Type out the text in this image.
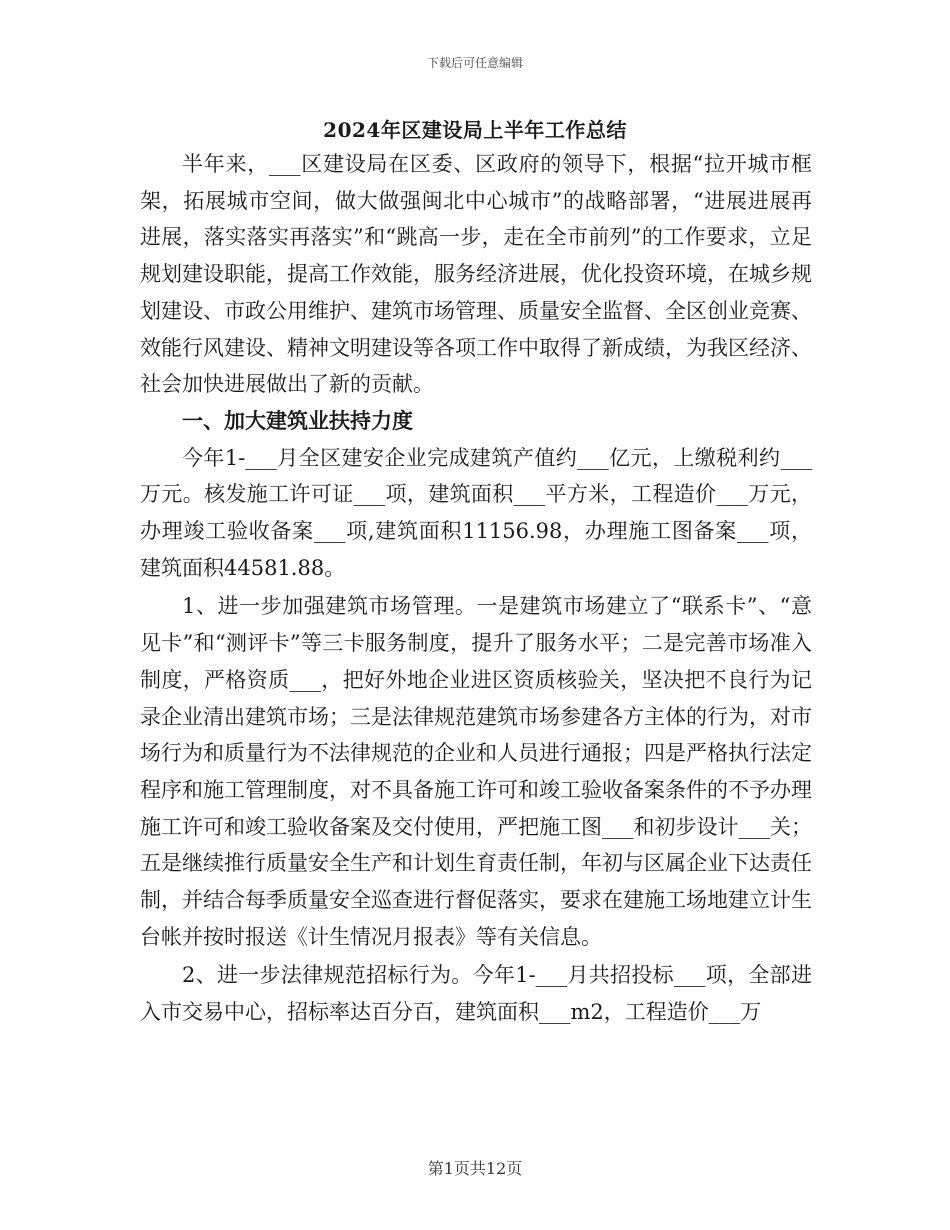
下载后可任意编辑
2024年区建设局上半年工作总结

半年来，___区建设局在区委、区政府的领导下，根据“拉开城市框架，拓展城市空间，做大做强闽北中心城市”的战略部署，“进展进展再进展，落实落实再落实”和“跳高一步，走在全市前列”的工作要求，立足规划建设职能，提高工作效能，服务经济进展，优化投资环境，在城乡规划建设、市政公用维护、建筑市场管理、质量安全监督、全区创业竞赛、效能行风建设、精神文明建设等各项工作中取得了新成绩，为我区经济、社会加快进展做出了新的贡献。

一、加大建筑业扶持力度

今年1-___月全区建安企业完成建筑产值约___亿元，上缴税利约___万元。核发施工许可证___项，建筑面积___平方米，工程造价___万元，办理竣工验收备案___项,建筑面积11156.98，办理施工图备案___项，建筑面积44581.88。

1、进一步加强建筑市场管理。一是建筑市场建立了“联系卡”、“意见卡”和“测评卡”等三卡服务制度，提升了服务水平；二是完善市场准入制度，严格资质___，把好外地企业进区资质核验关，坚决把不良行为记录企业清出建筑市场；三是法律规范建筑市场参建各方主体的行为，对市场行为和质量行为不法律规范的企业和人员进行通报；四是严格执行法定程序和施工管理制度，对不具备施工许可和竣工验收备案条件的不予办理施工许可和竣工验收备案及交付使用，严把施工图___和初步设计___关；五是继续推行质量安全生产和计划生育责任制，年初与区属企业下达责任制，并结合每季质量安全巡查进行督促落实，要求在建施工场地建立计生台帐并按时报送《计生情况月报表》等有关信息。

2、进一步法律规范招标行为。今年1-___月共招投标___项，全部进入市交易中心，招标率达百分百，建筑面积___m2，工程造价___万

第1页共12页
